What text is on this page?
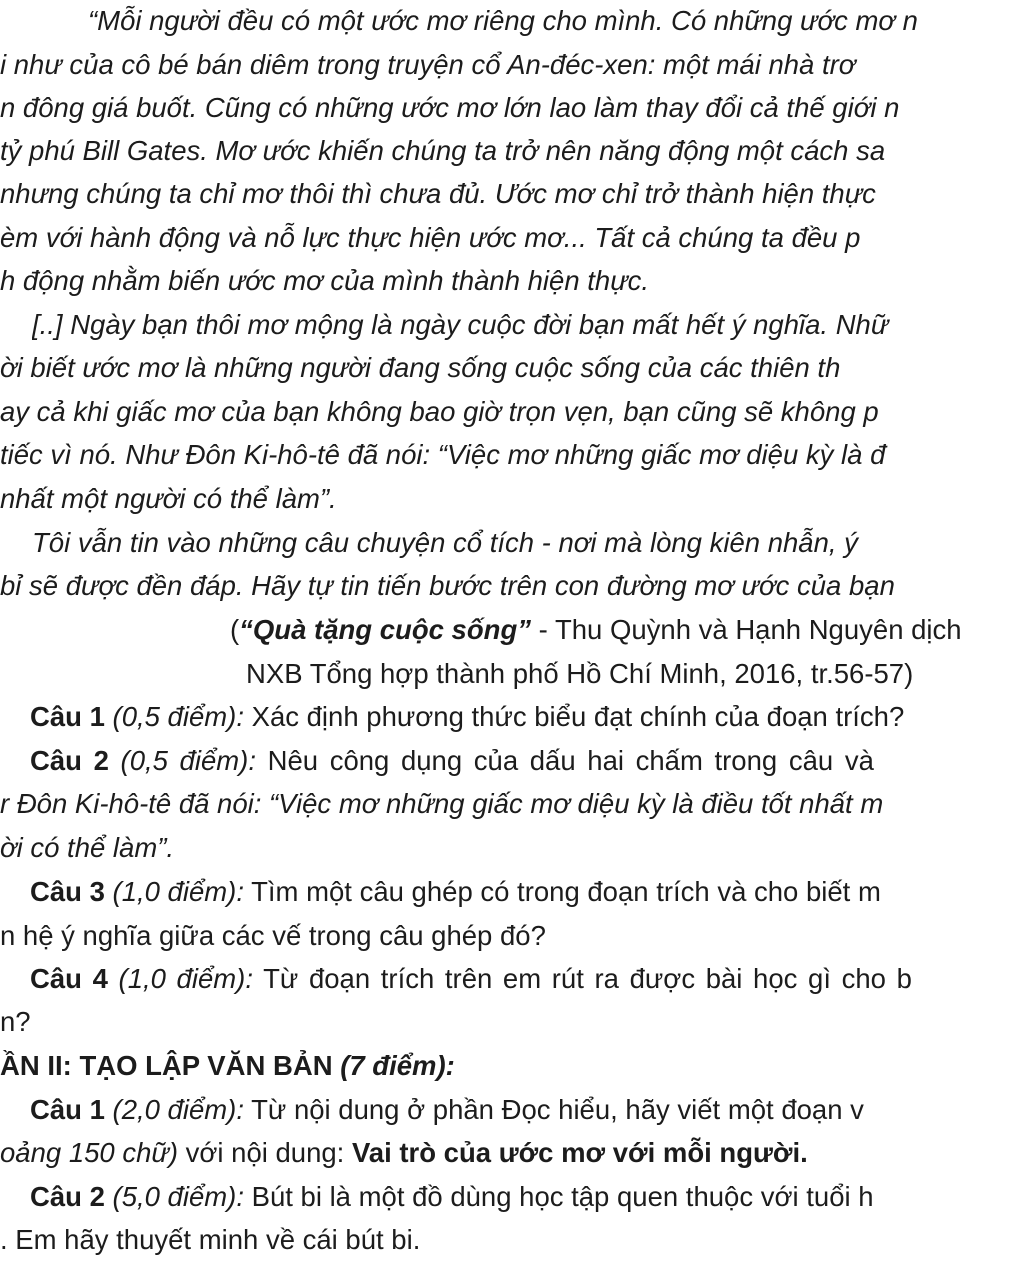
“Mỗi người đều có một ước mơ riêng cho mình. Có những ước mơ n
i như của cô bé bán diêm trong truyện cổ An-đéc-xen: một mái nhà trơ
n đông giá buốt. Cũng có những ước mơ lớn lao làm thay đổi cả thế giới n
tỷ phú Bill Gates. Mơ ước khiến chúng ta trở nên năng động một cách sa
nhưng chúng ta chỉ mơ thôi thì chưa đủ. Ước mơ chỉ trở thành hiện thực
èm với hành động và nỗ lực thực hiện ước mơ... Tất cả chúng ta đều p
h động nhằm biến ước mơ của mình thành hiện thực.
[..] Ngày bạn thôi mơ mộng là ngày cuộc đời bạn mất hết ý nghĩa. Nhữ
ời biết ước mơ là những người đang sống cuộc sống của các thiên th
ay cả khi giấc mơ của bạn không bao giờ trọn vẹn, bạn cũng sẽ không p
tiếc vì nó. Như Đôn Ki-hô-tê đã nói: “Việc mơ những giấc mơ diệu kỳ là đ
nhất một người có thể làm”.
Tôi vẫn tin vào những câu chuyện cổ tích - nơi mà lòng kiên nhẫn, ý
bỉ sẽ được đền đáp. Hãy tự tin tiến bước trên con đường mơ ước của bạn
(“Quà tặng cuộc sống” - Thu Quỳnh và Hạnh Nguyên dịch
NXB Tổng hợp thành phố Hồ Chí Minh, 2016, tr.56-57)
Câu 1 (0,5 điểm): Xác định phương thức biểu đạt chính của đoạn trích?
Câu 2 (0,5 điểm): Nêu công dụng của dấu hai chấm trong câu và
r Đôn Ki-hô-tê đã nói: “Việc mơ những giấc mơ diệu kỳ là điều tốt nhất m
ời có thể làm”.
Câu 3 (1,0 điểm): Tìm một câu ghép có trong đoạn trích và cho biết m
n hệ ý nghĩa giữa các vế trong câu ghép đó?
Câu 4 (1,0 điểm): Từ đoạn trích trên em rút ra được bài học gì cho b
n?
ẦN II: TẠO LẬP VĂN BẢN (7 điểm):
Câu 1 (2,0 điểm): Từ nội dung ở phần Đọc hiểu, hãy viết một đoạn v
oảng 150 chữ) với nội dung: Vai trò của ước mơ với mỗi người.
Câu 2 (5,0 điểm): Bút bi là một đồ dùng học tập quen thuộc với tuổi h
. Em hãy thuyết minh về cái bút bi.
